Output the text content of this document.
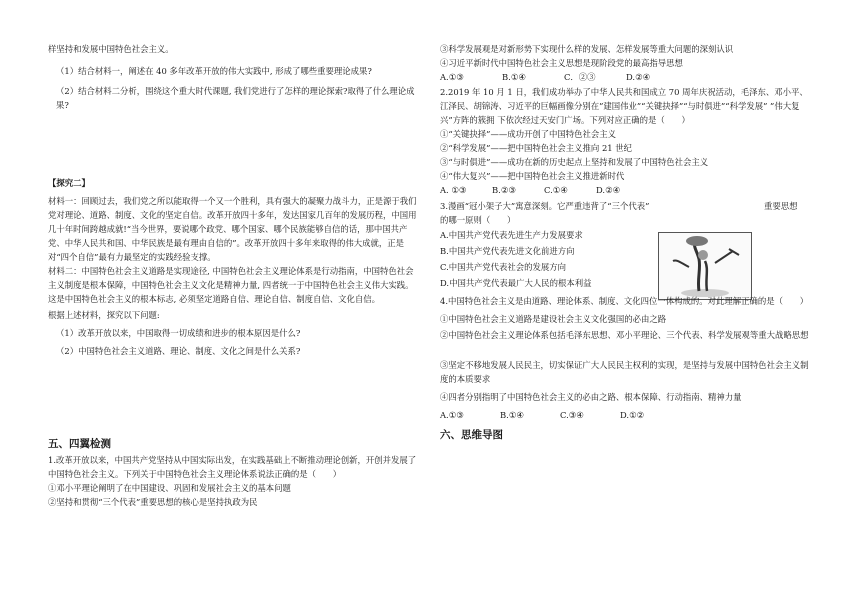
样坚持和发展中国特色社会主义。
（1）结合材料一，阐述在 40 多年改革开放的伟大实践中, 形成了哪些重要理论成果?
（2）结合材料二分析，围绕这个重大时代课题, 我们党进行了怎样的理论探索?取得了什么理论成果?
【探究二】
材料一：回顾过去，我们党之所以能取得一个又一个胜利，具有强大的凝聚力战斗力，正是源于我们党对理论、道路、制度、文化的坚定自信。改革开放四十多年，发达国家几百年的发展历程，中国用几十年时间跨越成就!“当今世界，要说哪个政党、哪个国家、哪个民族能够自信的话，那中国共产党、中华人民共和国、中华民族是最有理由自信的”。改革开放四十多年来取得的伟大成就，正是对“四个自信”最有力最坚定的实践经验支撑。
材料二：中国特色社会主义道路是实现途径, 中国特色社会主义理论体系是行动指南，中国特色社会主义制度是根本保障，中国特色社会主义文化是精神力量, 四者统一于中国特色社会主义伟大实践。这是中国特色社会主义的根本标志, 必须坚定道路自信、理论自信、制度自信、文化自信。
根据上述材料，探究以下问题:
（1）改革开放以来，中国取得一切成绩和进步的根本原因是什么?
（2）中国特色社会主义道路、理论、制度、文化之间是什么关系?
五、四翼检测
1.改革开放以来，中国共产党坚持从中国实际出发，在实践基础上不断推动理论创新，开创并发展了中国特色社会主义。下列关于中国特色社会主义理论体系说法正确的是（　　）
①邓小平理论阐明了在中国建设、巩固和发展社会主义的基本问题
②坚持和贯彻“三个代表”重要思想的核心是坚持执政为民
③科学发展观是对新形势下实现什么样的发展、怎样发展等重大问题的深刻认识
④习近平新时代中国特色社会主义思想是现阶段党的最高指导思想
A.①③	B.①④	C．②③	D.②④
2.2019 年 10 月 1 日，我们成功举办了中华人民共和国成立 70 周年庆祝活动，毛泽东、邓小平、江泽民、胡锦涛、习近平的巨幅画像分别在”建国伟业”“关键抉择”“与时俱进”“科学发展” ”伟大复兴”方阵的簇拥 下依次经过天安门广场。下列对应正确的是（　　）
①“关键抉择”——成功开创了中国特色社会主义
②“科学发展”——把中国特色社会主义推向 21 世纪
③“与时俱进”——成功在新的历史起点上坚持和发展了中国特色社会主义
④“伟大复兴”——把中国特色社会主义推进新时代
A. ①③	B.②③	C.①④	D.②④
3.漫画“冠小架子大”寓意深刻。它严重违背了“三个代表”	重要思想
的哪一原则（　　）
A.中国共产党代表先进生产力发展要求
B.中国共产党代表先进文化前进方向
C.中国共产党代表社会的发展方向
D.中国共产党代表最广大人民的根本利益
4.中国特色社会主义是由道路、理论体系、制度、文化四位一体构成的。对此理解正确的是（　　）
①中国特色社会主义道路是建设社会主义文化强国的必由之路
②中国特色社会主义理论体系包括毛泽东思想、邓小平理论、三个代表、科学发展观等重大战略思想
③坚定不移地发展人民民主，切实保证广大人民民主权利的实现，是坚持与发展中国特色社会主义制度的本质要求
④四者分别指明了中国特色社会主义的必由之路、根本保障、行动指南、精神力量
A.①③	B.①④	C.③④	D.①②
六、思维导图
